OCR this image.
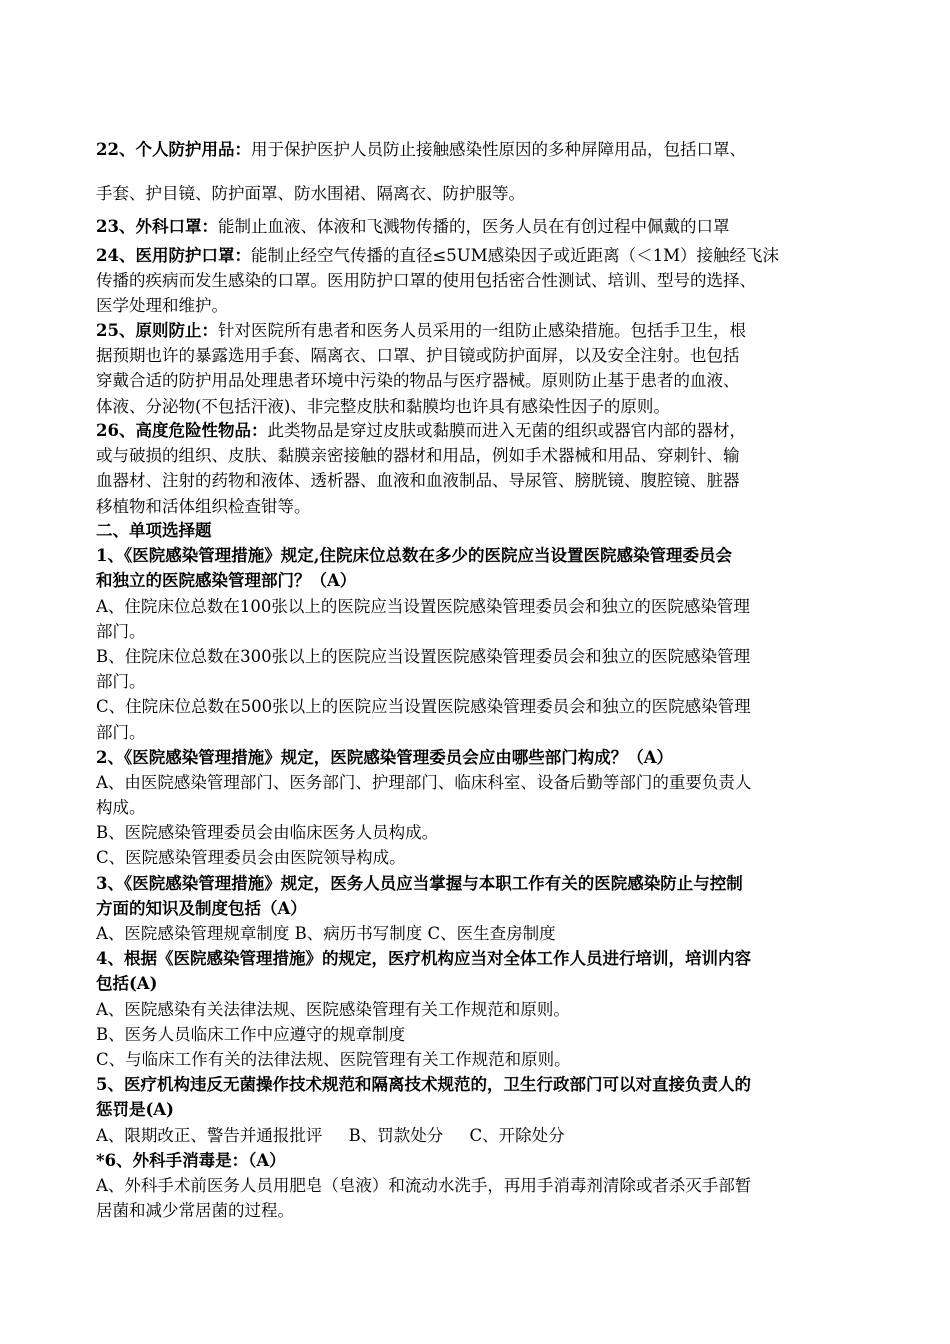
22、个人防护用品：用于保护医护人员防止接触感染性原因的多种屏障用品，包括口罩、
手套、护目镜、防护面罩、防水围裙、隔离衣、防护服等。
23、外科口罩：能制止血液、体液和飞溅物传播的，医务人员在有创过程中佩戴的口罩
24、医用防护口罩：能制止经空气传播的直径≤5UM感染因子或近距离（＜1M）接触经飞沫
传播的疾病而发生感染的口罩。医用防护口罩的使用包括密合性测试、培训、型号的选择、
医学处理和维护。
25、原则防止：针对医院所有患者和医务人员采用的一组防止感染措施。包括手卫生，根
据预期也许的暴露选用手套、隔离衣、口罩、护目镜或防护面屏，以及安全注射。也包括
穿戴合适的防护用品处理患者环境中污染的物品与医疗器械。原则防止基于患者的血液、
体液、分泌物(不包括汗液)、非完整皮肤和黏膜均也许具有感染性因子的原则。
26、高度危险性物品：此类物品是穿过皮肤或黏膜而进入无菌的组织或器官内部的器材，
或与破损的组织、皮肤、黏膜亲密接触的器材和用品，例如手术器械和用品、穿刺针、输
血器材、注射的药物和液体、透析器、血液和血液制品、导尿管、膀胱镜、腹腔镜、脏器
移植物和活体组织检查钳等。
二、单项选择题
1、《医院感染管理措施》规定,住院床位总数在多少的医院应当设置医院感染管理委员会
和独立的医院感染管理部门？（A）
A、住院床位总数在100张以上的医院应当设置医院感染管理委员会和独立的医院感染管理
部门。
B、住院床位总数在300张以上的医院应当设置医院感染管理委员会和独立的医院感染管理
部门。
C、住院床位总数在500张以上的医院应当设置医院感染管理委员会和独立的医院感染管理
部门。
2、《医院感染管理措施》规定，医院感染管理委员会应由哪些部门构成？（A）
A、由医院感染管理部门、医务部门、护理部门、临床科室、设备后勤等部门的重要负责人
构成。
B、医院感染管理委员会由临床医务人员构成。
C、医院感染管理委员会由医院领导构成。
3、《医院感染管理措施》规定，医务人员应当掌握与本职工作有关的医院感染防止与控制
方面的知识及制度包括（A）
A、医院感染管理规章制度 B、病历书写制度 C、医生查房制度
4、根据《医院感染管理措施》的规定，医疗机构应当对全体工作人员进行培训，培训内容
包括(A)
A、医院感染有关法律法规、医院感染管理有关工作规范和原则。
B、医务人员临床工作中应遵守的规章制度
C、与临床工作有关的法律法规、医院管理有关工作规范和原则。
5、医疗机构违反无菌操作技术规范和隔离技术规范的，卫生行政部门可以对直接负责人的
惩罚是(A)
A、限期改正、警告并通报批评     B、罚款处分     C、开除处分
*6、外科手消毒是：（A）
A、外科手术前医务人员用肥皂（皂液）和流动水洗手，再用手消毒剂清除或者杀灭手部暂
居菌和减少常居菌的过程。
